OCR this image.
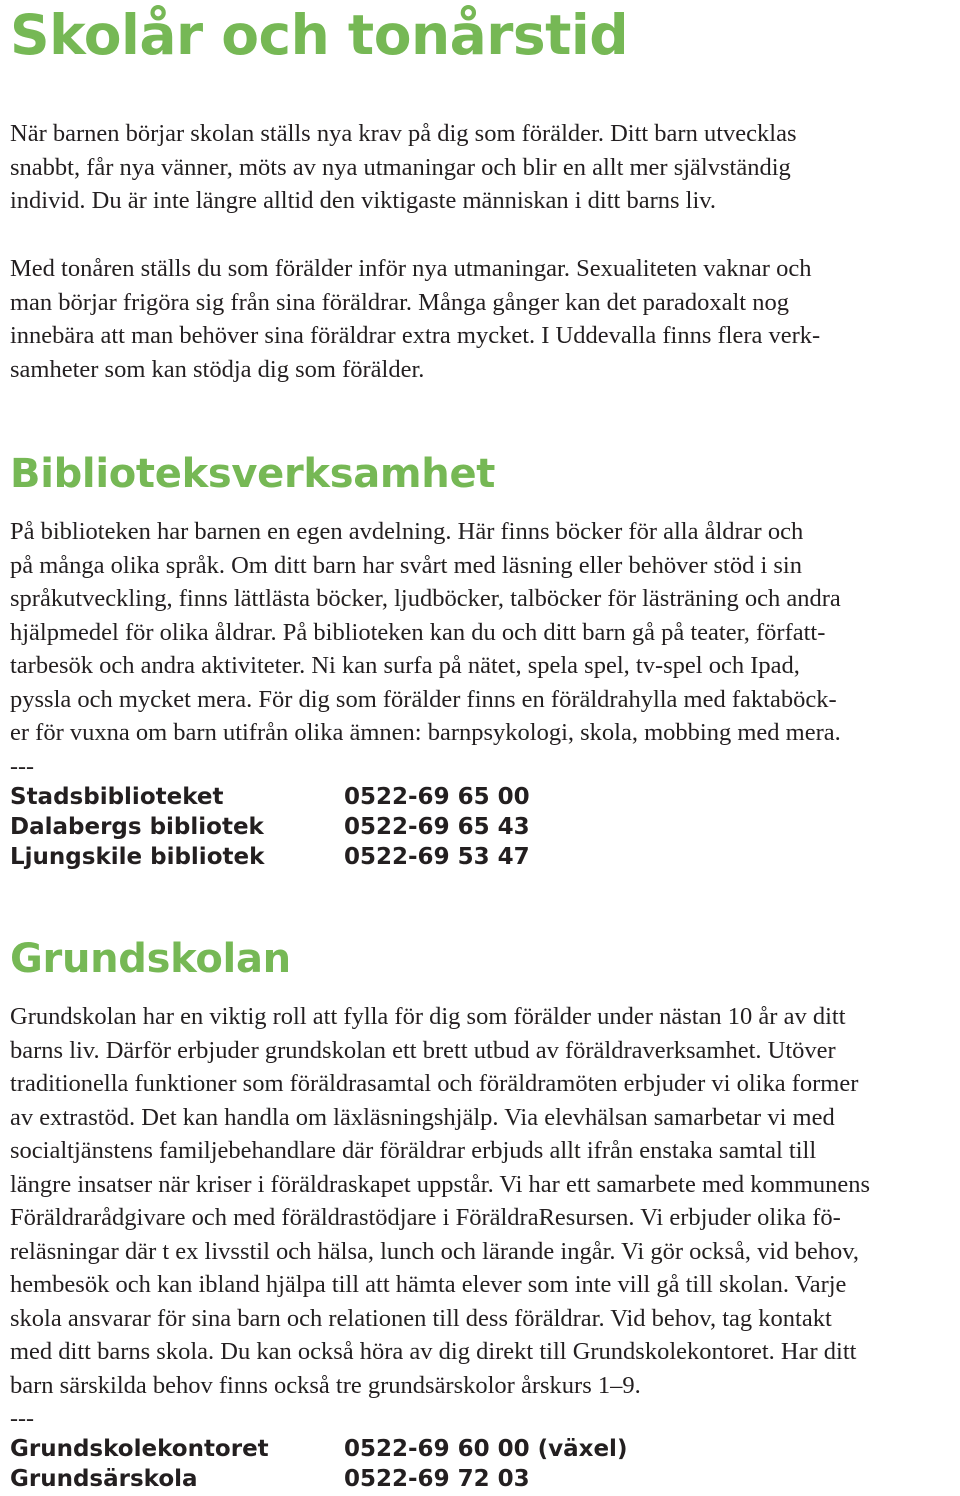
Skolår och tonårstid

När barnen börjar skolan ställs nya krav på dig som förälder. Ditt barn utvecklas
snabbt, får nya vänner, möts av nya utmaningar och blir en allt mer självständig
individ. Du är inte längre alltid den viktigaste människan i ditt barns liv.

Med tonåren ställs du som förälder inför nya utmaningar. Sexualiteten vaknar och
man börjar frigöra sig från sina föräldrar. Många gånger kan det paradoxalt nog
innebära att man behöver sina föräldrar extra mycket. I Uddevalla finns flera verk-
samheter som kan stödja dig som förälder.

Biblioteksverksamhet

På biblioteken har barnen en egen avdelning. Här finns böcker för alla åldrar och
på många olika språk. Om ditt barn har svårt med läsning eller behöver stöd i sin
språkutveckling, finns lättlästa böcker, ljudböcker, talböcker för lästräning och andra
hjälpmedel för olika åldrar. På biblioteken kan du och ditt barn gå på teater, författ-
tarbesök och andra aktiviteter. Ni kan surfa på nätet, spela spel, tv-spel och Ipad,
pyssla och mycket mera. För dig som förälder finns en föräldrahylla med faktaböck-
er för vuxna om barn utifrån olika ämnen: barnpsykologi, skola, mobbing med mera.

---
Stadsbiblioteket	0522-69 65 00
Dalabergs bibliotek	0522-69 65 43
Ljungskile bibliotek	0522-69 53 47
Grundskolan

Grundskolan har en viktig roll att fylla för dig som förälder under nästan 10 år av ditt
barns liv. Därför erbjuder grundskolan ett brett utbud av föräldraverksamhet. Utöver
traditionella funktioner som föräldrasamtal och föräldramöten erbjuder vi olika former
av extrastöd. Det kan handla om läxläsningshjälp. Via elevhälsan samarbetar vi med
socialtjänstens familjebehandlare där föräldrar erbjuds allt ifrån enstaka samtal till
längre insatser när kriser i föräldraskapet uppstår. Vi har ett samarbete med kommunens
Föräldrarådgivare och med föräldrastödjare i FöräldraResursen. Vi erbjuder olika fö-
reläsningar där t ex livsstil och hälsa, lunch och lärande ingår. Vi gör också, vid behov,
hembesök och kan ibland hjälpa till att hämta elever som inte vill gå till skolan. Varje
skola ansvarar för sina barn och relationen till dess föräldrar. Vid behov, tag kontakt
med ditt barns skola. Du kan också höra av dig direkt till Grundskolekontoret. Har ditt
barn särskilda behov finns också tre grundsärskolor årskurs 1–9.

---
Grundskolekontoret	0522-69 60 00 (växel)
Grundsärskola	0522-69 72 03
